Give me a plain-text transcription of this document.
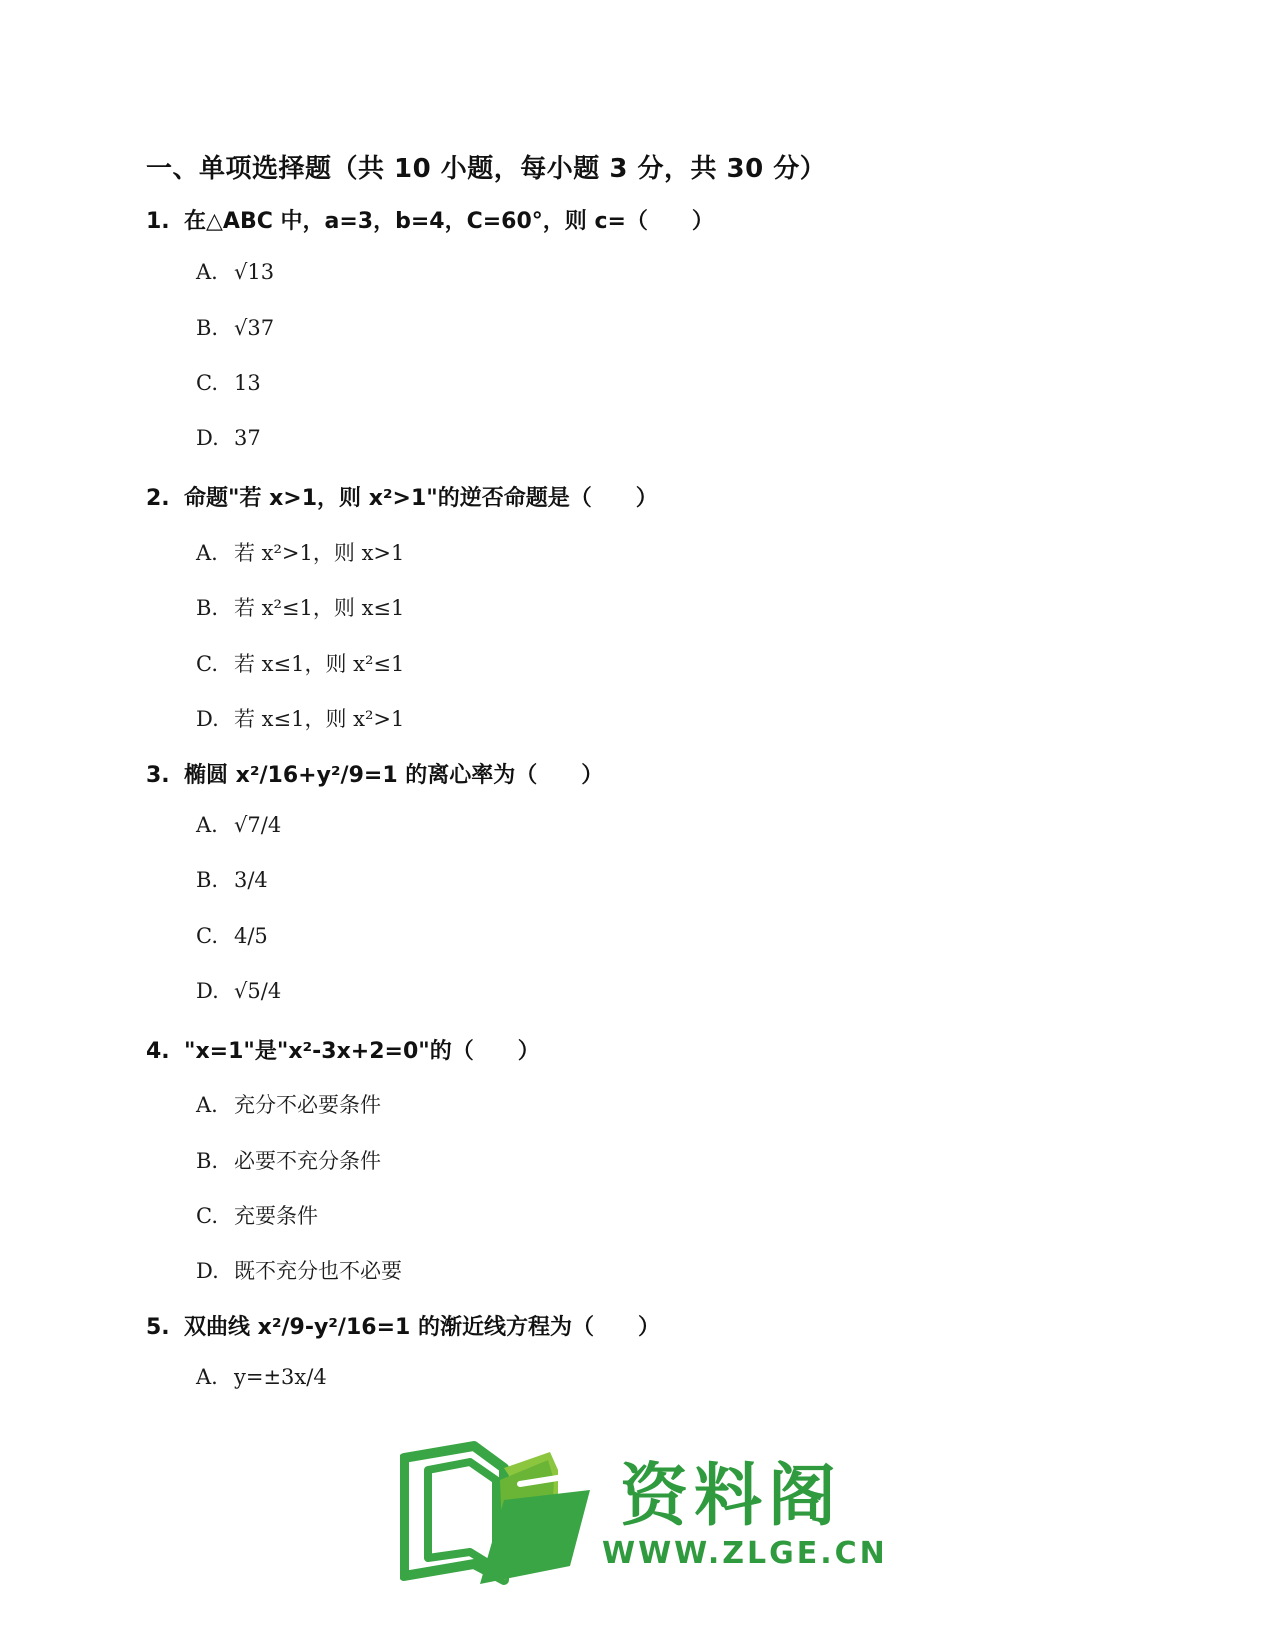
一、单项选择题（共 10 小题，每小题 3 分，共 30 分）
1. 在△ABC 中，a=3，b=4，C=60°，则 c=（　　）
A. √13
B. √37
C. 13
D. 37
2. 命题"若 x>1，则 x²>1"的逆否命题是（　　）
A. 若 x²>1，则 x>1
B. 若 x²≤1，则 x≤1
C. 若 x≤1，则 x²≤1
D. 若 x≤1，则 x²>1
3. 椭圆 x²/16+y²/9=1 的离心率为（　　）
A. √7/4
B. 3/4
C. 4/5
D. √5/4
4. "x=1"是"x²-3x+2=0"的（　　）
A. 充分不必要条件
B. 必要不充分条件
C. 充要条件
D. 既不充分也不必要
5. 双曲线 x²/9-y²/16=1 的渐近线方程为（　　）
A. y=±3x/4
资料阁
WWW.ZLGE.CN
